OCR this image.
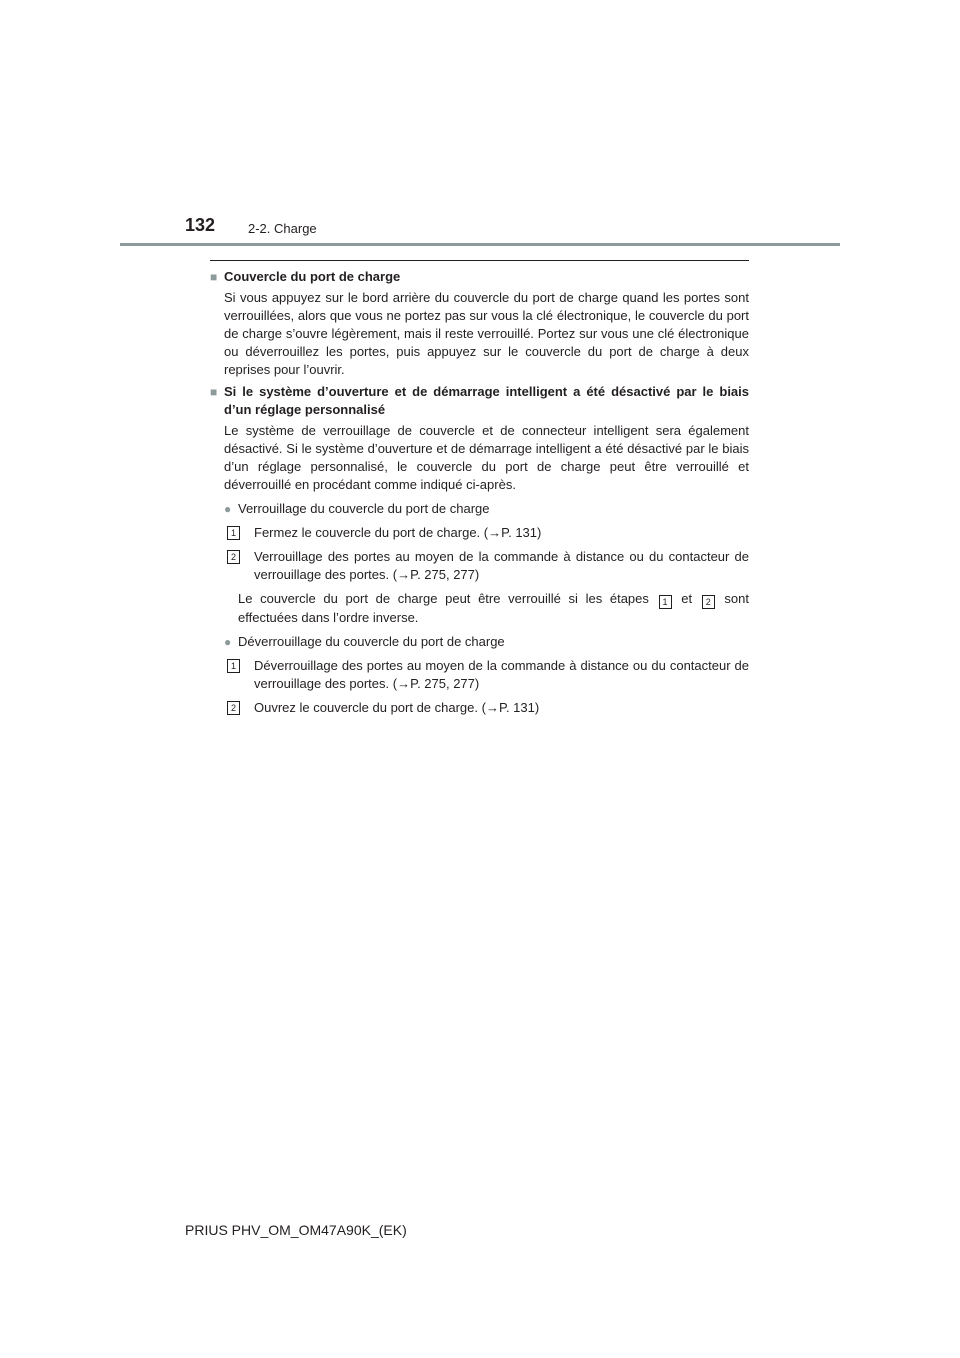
132	2-2. Charge
■ Couvercle du port de charge
Si vous appuyez sur le bord arrière du couvercle du port de charge quand les portes sont verrouillées, alors que vous ne portez pas sur vous la clé électronique, le couvercle du port de charge s’ouvre légèrement, mais il reste verrouillé. Portez sur vous une clé électronique ou déverrouillez les portes, puis appuyez sur le couvercle du port de charge à deux reprises pour l’ouvrir.
■ Si le système d’ouverture et de démarrage intelligent a été désactivé par le biais d’un réglage personnalisé
Le système de verrouillage de couvercle et de connecteur intelligent sera également désactivé. Si le système d’ouverture et de démarrage intelligent a été désactivé par le biais d’un réglage personnalisé, le couvercle du port de charge peut être verrouillé et déverrouillé en procédant comme indiqué ci-après.
● Verrouillage du couvercle du port de charge
1	Fermez le couvercle du port de charge. (→P. 131)
2	Verrouillage des portes au moyen de la commande à distance ou du contacteur de verrouillage des portes. (→P. 275, 277)
Le couvercle du port de charge peut être verrouillé si les étapes 1 et 2 sont effectuées dans l’ordre inverse.
● Déverrouillage du couvercle du port de charge
1	Déverrouillage des portes au moyen de la commande à distance ou du contacteur de verrouillage des portes. (→P. 275, 277)
2	Ouvrez le couvercle du port de charge. (→P. 131)
PRIUS PHV_OM_OM47A90K_(EK)
